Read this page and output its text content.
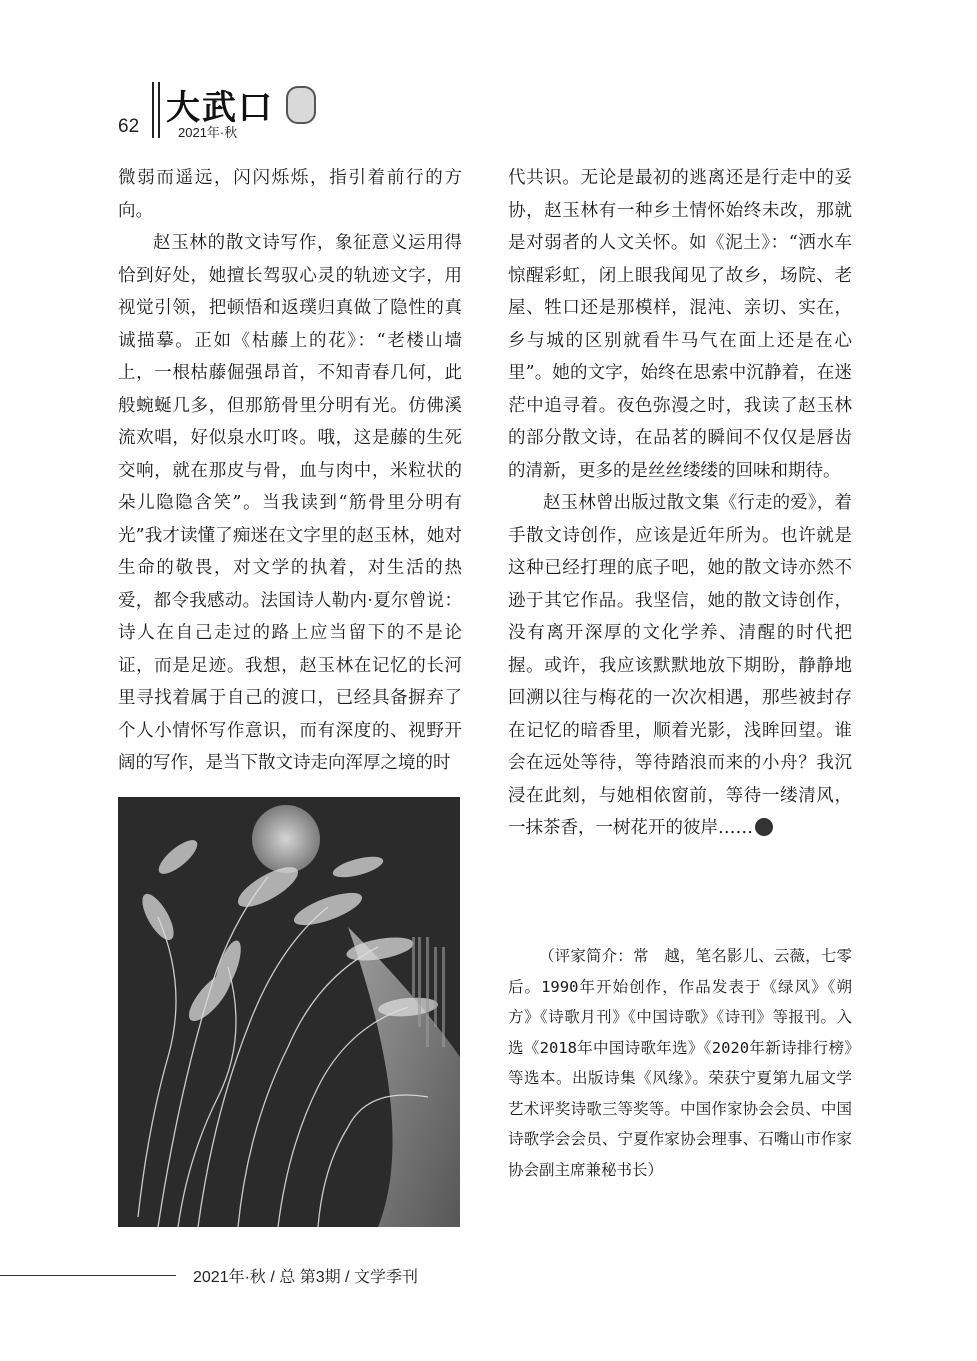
62 大武口
2021年·秋

微弱而遥远，闪闪烁烁，指引着前行的方向。

赵玉林的散文诗写作，象征意义运用得恰到好处，她擅长驾驭心灵的轨迹文字，用视觉引领，把顿悟和返璞归真做了隐性的真诚描摹。正如《枯藤上的花》：“老楼山墙上，一根枯藤倔强昂首，不知青春几何，此般蜿蜒几多，但那筋骨里分明有光。仿佛溪流欢唱，好似泉水叮咚。哦，这是藤的生死交响，就在那皮与骨，血与肉中，米粒状的朵儿隐隐含笑”。当我读到“筋骨里分明有光”我才读懂了痴迷在文字里的赵玉林，她对生命的敬畏，对文学的执着，对生活的热爱，都令我感动。法国诗人勒内·夏尔曾说：诗人在自己走过的路上应当留下的不是论证，而是足迹。我想，赵玉林在记忆的长河里寻找着属于自己的渡口，已经具备摒弃了个人小情怀写作意识，而有深度的、视野开阔的写作，是当下散文诗走向浑厚之境的时

代共识。无论是最初的逃离还是行走中的妥协，赵玉林有一种乡土情怀始终未改，那就是对弱者的人文关怀。如《泥土》：“洒水车惊醒彩虹，闭上眼我闻见了故乡，场院、老屋、牲口还是那模样，混沌、亲切、实在，乡与城的区别就看牛马气在面上还是在心里”。她的文字，始终在思索中沉静着，在迷茫中追寻着。夜色弥漫之时，我读了赵玉林的部分散文诗，在品茗的瞬间不仅仅是唇齿的清新，更多的是丝丝缕缕的回味和期待。

赵玉林曾出版过散文集《行走的爱》，着手散文诗创作，应该是近年所为。也许就是这种已经打理的底子吧，她的散文诗亦然不逊于其它作品。我坚信，她的散文诗创作，没有离开深厚的文化学养、清醒的时代把握。或许，我应该默默地放下期盼，静静地回溯以往与梅花的一次次相遇，那些被封存在记忆的暗香里，顺着光影，浅眸回望。谁会在远处等待，等待踏浪而来的小舟？我沉浸在此刻，与她相依窗前，等待一缕清风，一抹茶香，一树花开的彼岸……

（评家简介：常　越，笔名影儿、云薇，七零后。1990年开始创作，作品发表于《绿风》《朔方》《诗歌月刊》《中国诗歌》《诗刊》等报刊。入选《2018年中国诗歌年选》《2020年新诗排行榜》等选本。出版诗集《风缘》。荣获宁夏第九届文学艺术评奖诗歌三等奖等。中国作家协会会员、中国诗歌学会会员、宁夏作家协会理事、石嘴山市作家协会副主席兼秘书长）

2021年·秋 / 总 第3期 / 文学季刊
